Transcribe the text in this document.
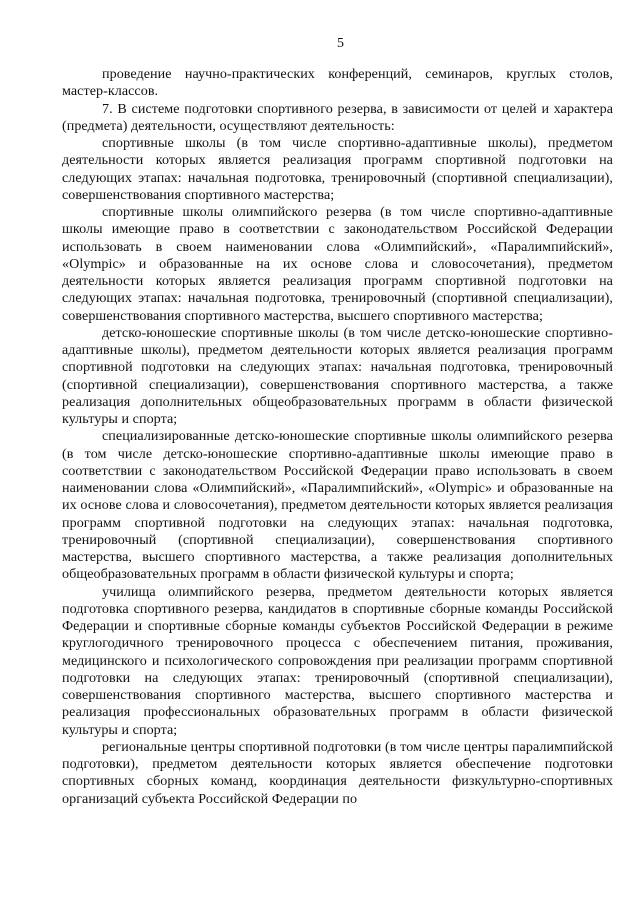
5

проведение научно-практических конференций, семинаров, круглых столов, мастер-классов.

7. В системе подготовки спортивного резерва, в зависимости от целей и характера (предмета) деятельности, осуществляют деятельность:

спортивные школы (в том числе спортивно-адаптивные школы), предметом деятельности которых является реализация программ спортивной подготовки на следующих этапах: начальная подготовка, тренировочный (спортивной специализации), совершенствования спортивного мастерства;

спортивные школы олимпийского резерва (в том числе спортивно-адаптивные школы имеющие право в соответствии с законодательством Российской Федерации использовать в своем наименовании слова «Олимпийский», «Паралимпийский», «Olympic» и образованные на их основе слова и словосочетания), предметом деятельности которых является реализация программ спортивной подготовки на следующих этапах: начальная подготовка, тренировочный (спортивной специализации), совершенствования спортивного мастерства, высшего спортивного мастерства;

детско-юношеские спортивные школы (в том числе детско-юношеские спортивно-адаптивные школы), предметом деятельности которых является реализация программ спортивной подготовки на следующих этапах: начальная подготовка, тренировочный (спортивной специализации), совершенствования спортивного мастерства, а также реализация дополнительных общеобразовательных программ в области физической культуры и спорта;

специализированные детско-юношеские спортивные школы олимпийского резерва (в том числе детско-юношеские спортивно-адаптивные школы имеющие право в соответствии с законодательством Российской Федерации право использовать в своем наименовании слова «Олимпийский», «Паралимпийский», «Olympic» и образованные на их основе слова и словосочетания), предметом деятельности которых является реализация программ спортивной подготовки на следующих этапах: начальная подготовка, тренировочный (спортивной специализации), совершенствования спортивного мастерства, высшего спортивного мастерства, а также реализация дополнительных общеобразовательных программ в области физической культуры и спорта;

училища олимпийского резерва, предметом деятельности которых является подготовка спортивного резерва, кандидатов в спортивные сборные команды Российской Федерации и спортивные сборные команды субъектов Российской Федерации в режиме круглогодичного тренировочного процесса с обеспечением питания, проживания, медицинского и психологического сопровождения при реализации программ спортивной подготовки на следующих этапах: тренировочный (спортивной специализации), совершенствования спортивного мастерства, высшего спортивного мастерства и реализация профессиональных образовательных программ в области физической культуры и спорта;

региональные центры спортивной подготовки (в том числе центры паралимпийской подготовки), предметом деятельности которых является обеспечение подготовки спортивных сборных команд, координация деятельности физкультурно-спортивных организаций субъекта Российской Федерации по
